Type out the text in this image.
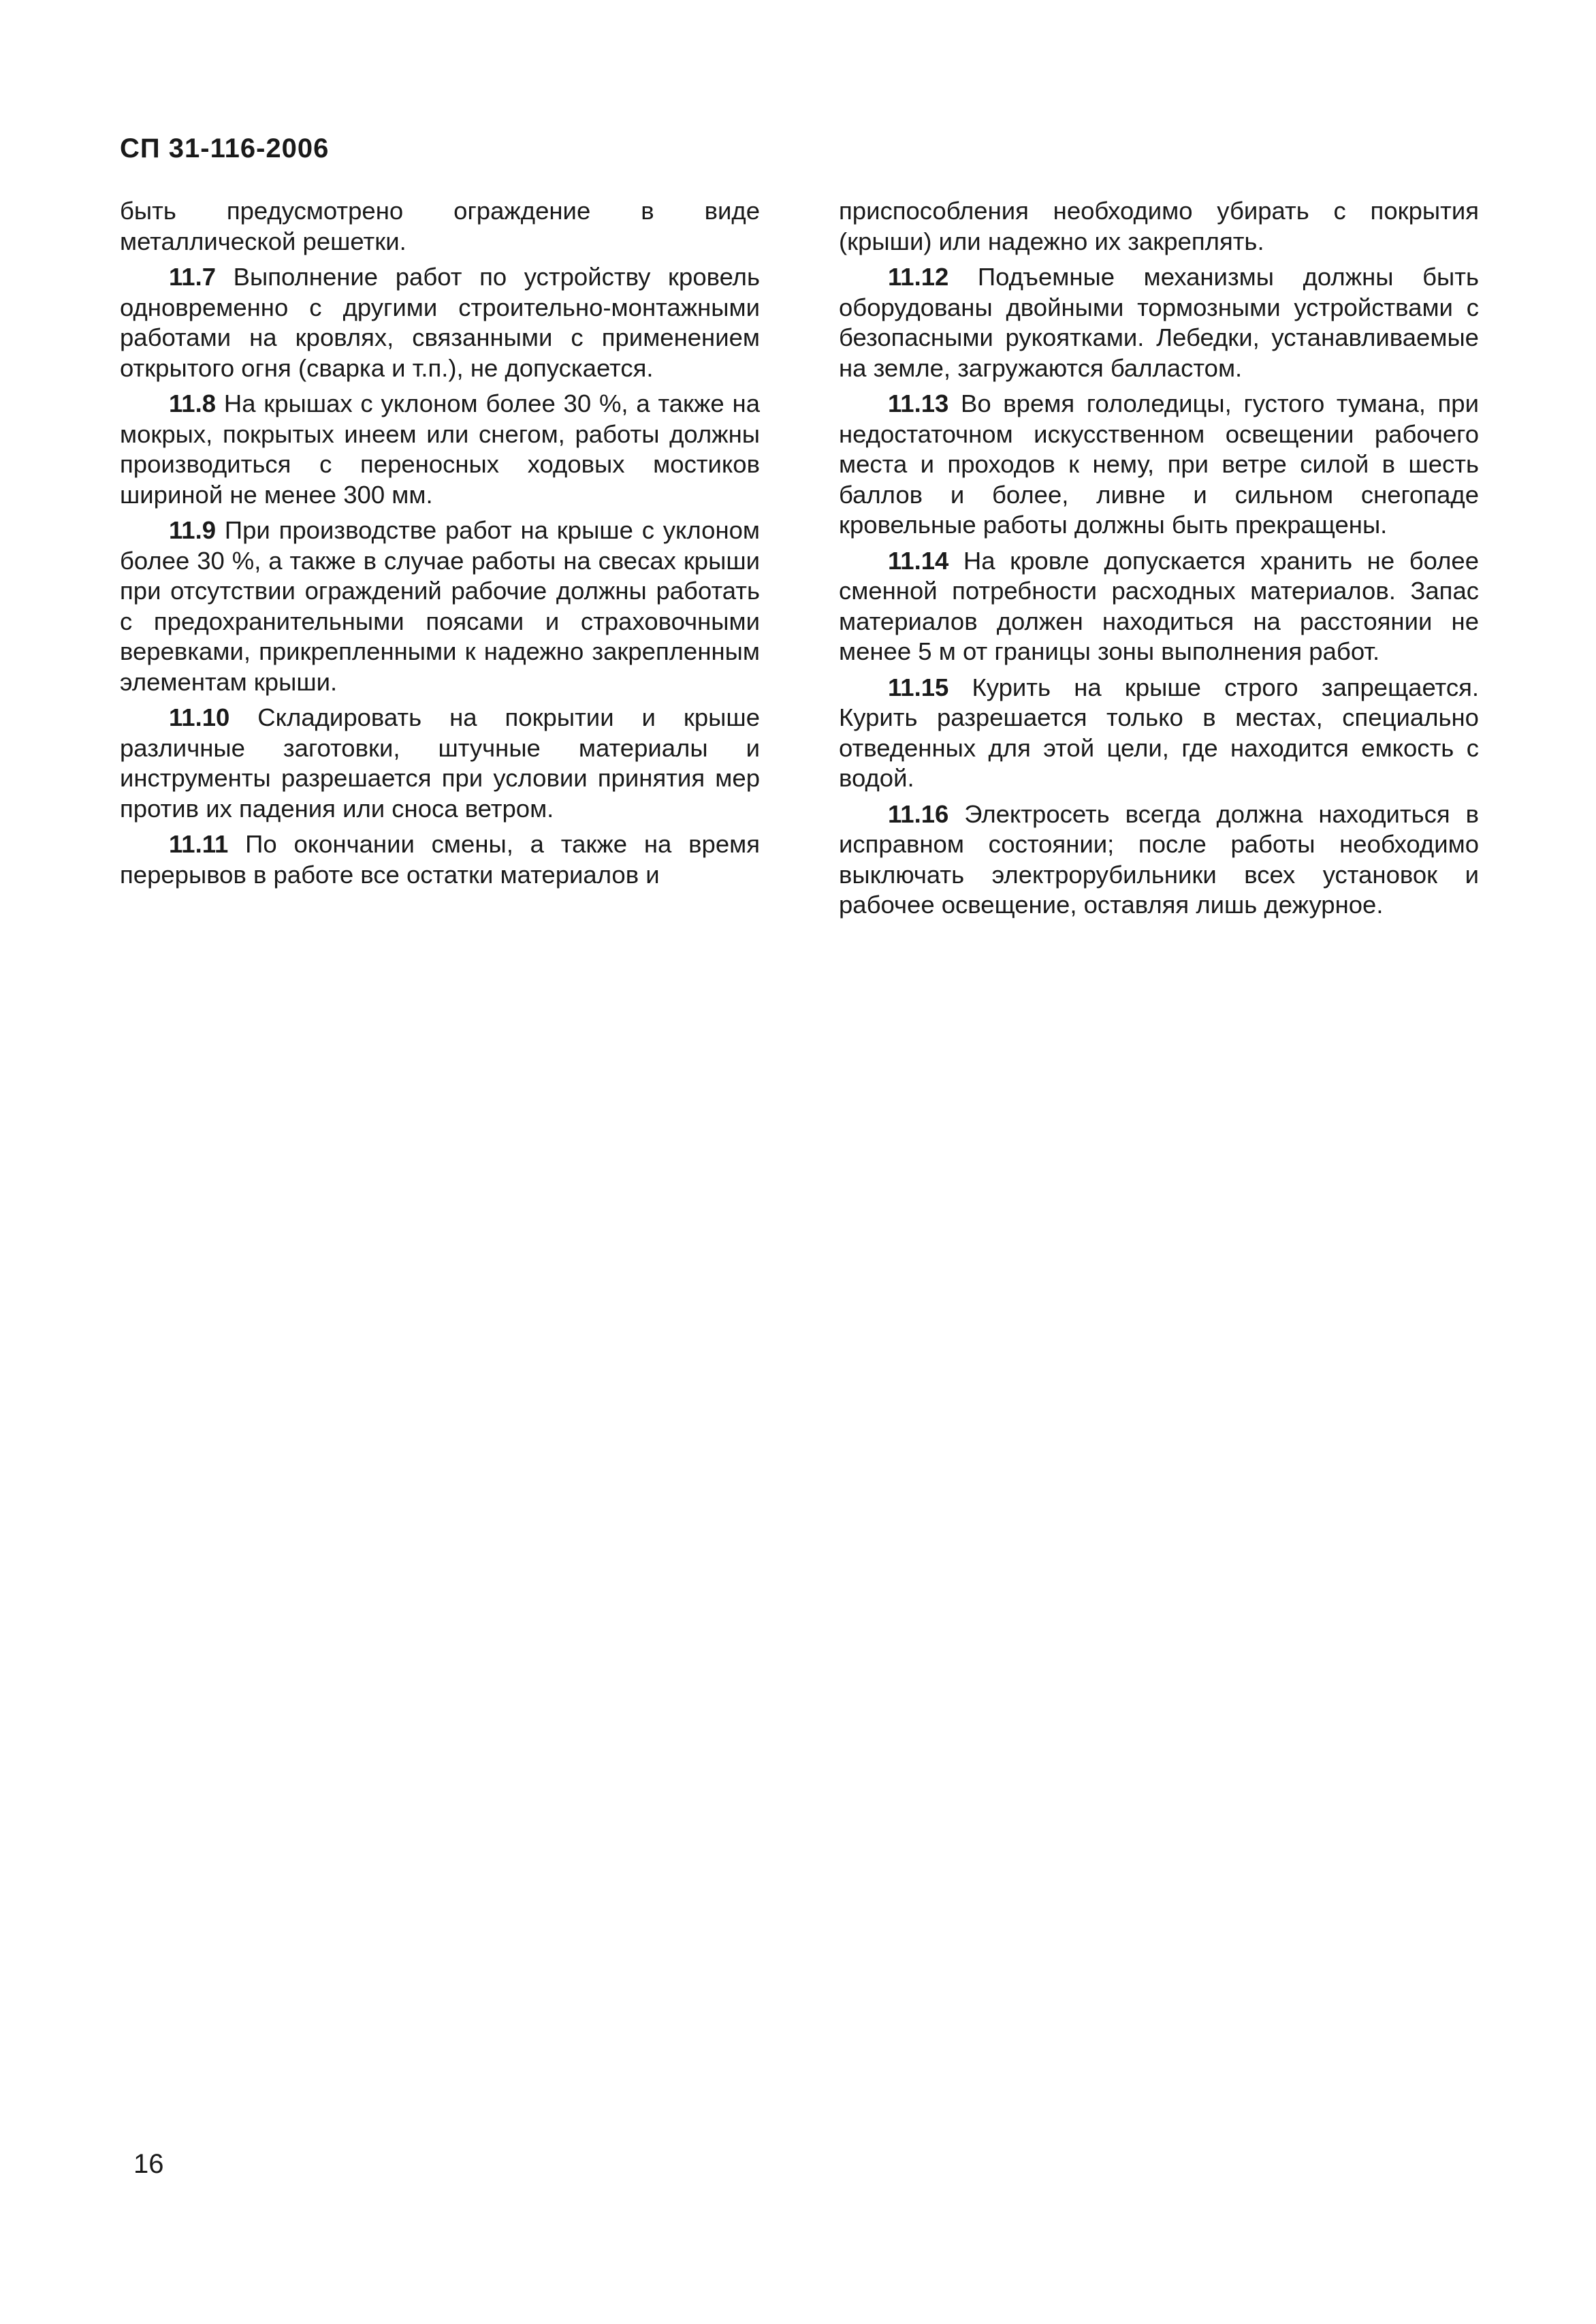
СП 31-116-2006

быть предусмотрено ограждение в виде металлической решетки.

11.7 Выполнение работ по устройству кровель одновременно с другими строительно-монтажными работами на кровлях, связанными с применением открытого огня (сварка и т.п.), не допускается.

11.8 На крышах с уклоном более 30 %, а также на мокрых, покрытых инеем или снегом, работы должны производиться с переносных ходовых мостиков шириной не менее 300 мм.

11.9 При производстве работ на крыше с уклоном более 30 %, а также в случае работы на свесах крыши при отсутствии ограждений рабочие должны работать с предохранительными поясами и страховочными веревками, прикрепленными к надежно закрепленным элементам крыши.

11.10 Складировать на покрытии и крыше различные заготовки, штучные материалы и инструменты разрешается при условии принятия мер против их падения или сноса ветром.

11.11 По окончании смены, а также на время перерывов в работе все остатки материалов и

приспособления необходимо убирать с покрытия (крыши) или надежно их закреплять.

11.12 Подъемные механизмы должны быть оборудованы двойными тормозными устройствами с безопасными рукоятками. Лебедки, устанавливаемые на земле, загружаются балластом.

11.13 Во время гололедицы, густого тумана, при недостаточном искусственном освещении рабочего места и проходов к нему, при ветре силой в шесть баллов и более, ливне и сильном снегопаде кровельные работы должны быть прекращены.

11.14 На кровле допускается хранить не более сменной потребности расходных материалов. Запас материалов должен находиться на расстоянии не менее 5 м от границы зоны выполнения работ.

11.15 Курить на крыше строго запрещается. Курить разрешается только в местах, специально отведенных для этой цели, где находится емкость с водой.

11.16 Электросеть всегда должна находиться в исправном состоянии; после работы необходимо выключать электрорубильники всех установок и рабочее освещение, оставляя лишь дежурное.

16
